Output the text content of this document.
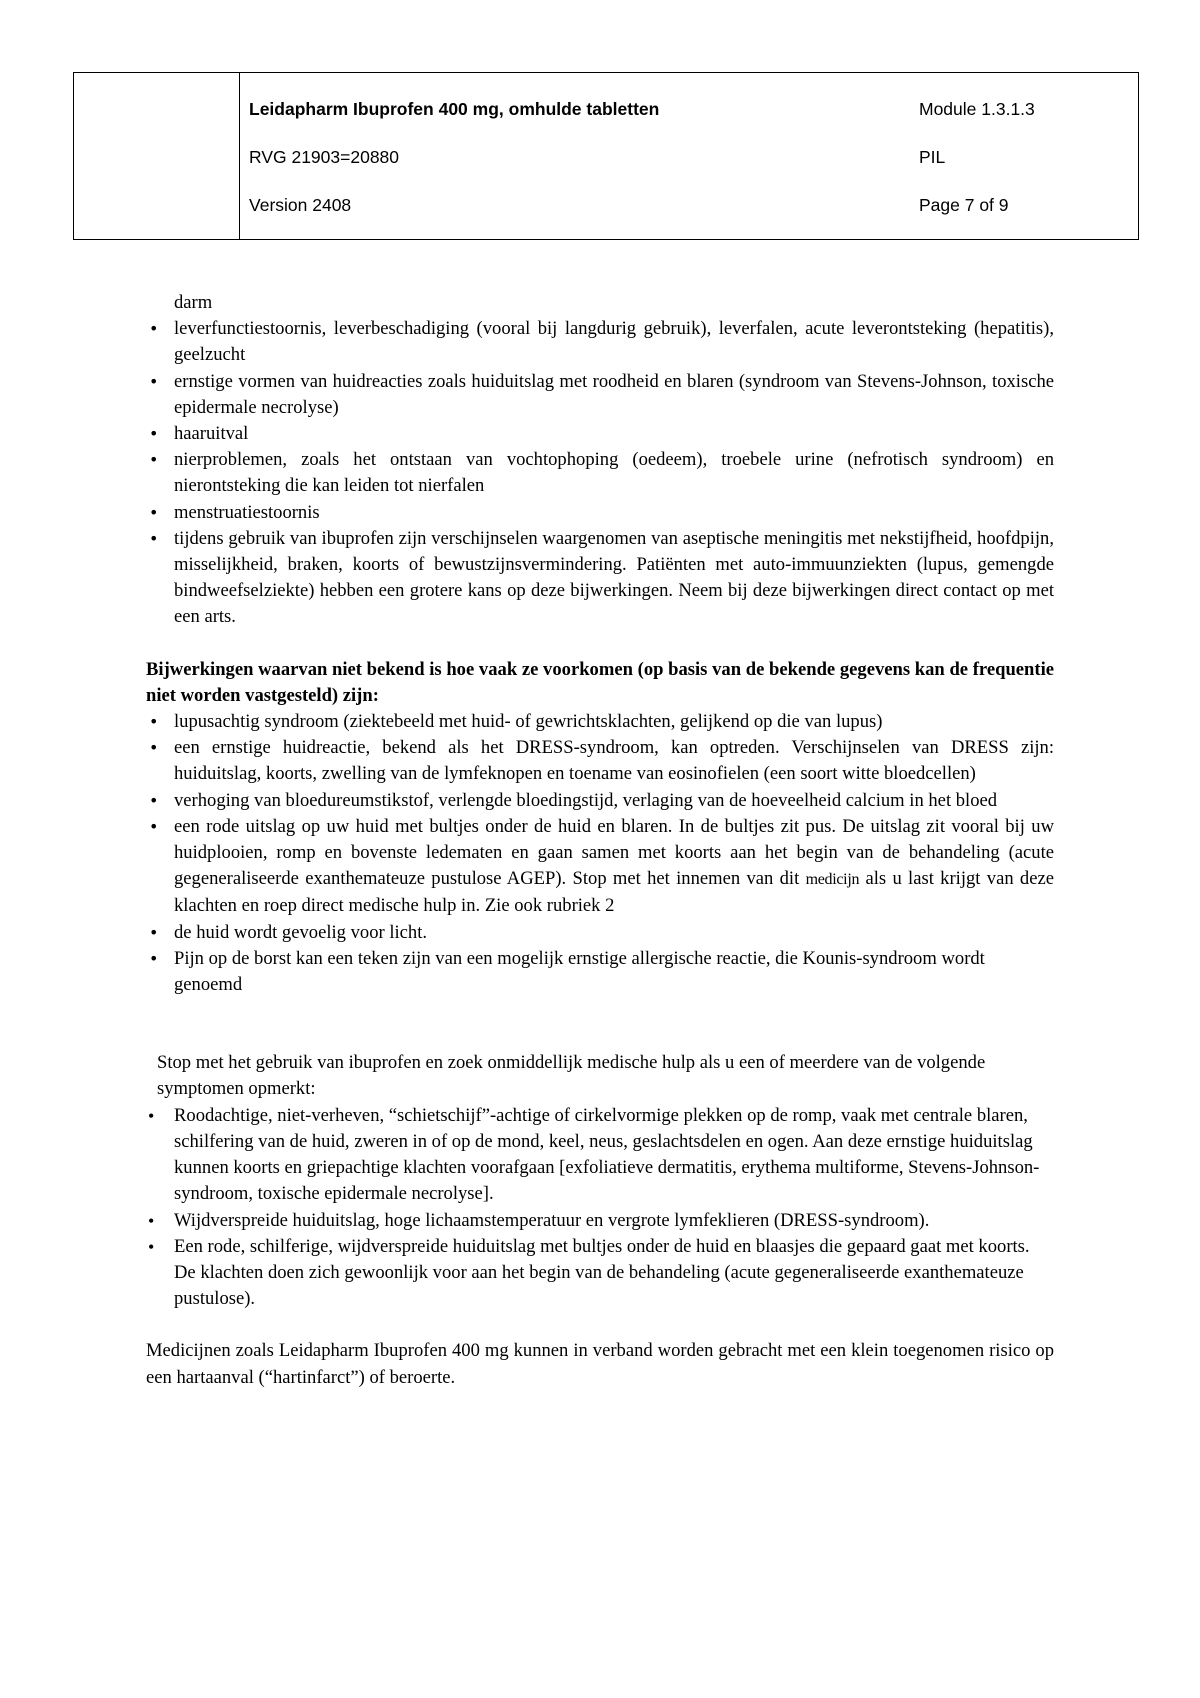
Leidapharm Ibuprofen 400 mg, omhulde tabletten
RVG 21903=20880
Version 2408
Module 1.3.1.3
PIL
Page 7 of 9

darm

• leverfunctiestoornis, leverbeschadiging (vooral bij langdurig gebruik), leverfalen, acute leverontsteking (hepatitis), geelzucht
• ernstige vormen van huidreacties zoals huiduitslag met roodheid en blaren (syndroom van Stevens-Johnson, toxische epidermale necrolyse)
• haaruitval
• nierproblemen, zoals het ontstaan van vochtophoping (oedeem), troebele urine (nefrotisch syndroom) en nierontsteking die kan leiden tot nierfalen
• menstruatiestoornis
• tijdens gebruik van ibuprofen zijn verschijnselen waargenomen van aseptische meningitis met nekstijfheid, hoofdpijn, misselijkheid, braken, koorts of bewustzijnsvermindering. Patiënten met auto-immuunziekten (lupus, gemengde bindweefselziekte) hebben een grotere kans op deze bijwerkingen. Neem bij deze bijwerkingen direct contact op met een arts.

Bijwerkingen waarvan niet bekend is hoe vaak ze voorkomen (op basis van de bekende gegevens kan de frequentie niet worden vastgesteld) zijn:

• lupusachtig syndroom (ziektebeeld met huid- of gewrichtsklachten, gelijkend op die van lupus)
• een ernstige huidreactie, bekend als het DRESS-syndroom, kan optreden. Verschijnselen van DRESS zijn: huiduitslag, koorts, zwelling van de lymfeknopen en toename van eosinofielen (een soort witte bloedcellen)
• verhoging van bloedureumstikstof, verlengde bloedingstijd, verlaging van de hoeveelheid calcium in het bloed
• een rode uitslag op uw huid met bultjes onder de huid en blaren. In de bultjes zit pus. De uitslag zit vooral bij uw huidplooien, romp en bovenste ledematen en gaan samen met koorts aan het begin van de behandeling (acute gegeneraliseerde exanthemateuze pustulose AGEP). Stop met het innemen van dit medicijn als u last krijgt van deze klachten en roep direct medische hulp in. Zie ook rubriek 2
• de huid wordt gevoelig voor licht.
• Pijn op de borst kan een teken zijn van een mogelijk ernstige allergische reactie, die Kounis-syndroom wordt genoemd

Stop met het gebruik van ibuprofen en zoek onmiddellijk medische hulp als u een of meerdere van de volgende symptomen opmerkt:

• Roodachtige, niet-verheven, “schietschijf”-achtige of cirkelvormige plekken op de romp, vaak met centrale blaren, schilfering van de huid, zweren in of op de mond, keel, neus, geslachtsdelen en ogen. Aan deze ernstige huiduitslag kunnen koorts en griepachtige klachten voorafgaan [exfoliatieve dermatitis, erythema multiforme, Stevens-Johnson-syndroom, toxische epidermale necrolyse].
• Wijdverspreide huiduitslag, hoge lichaamstemperatuur en vergrote lymfeklieren (DRESS-syndroom).
• Een rode, schilferige, wijdverspreide huiduitslag met bultjes onder de huid en blaasjes die gepaard gaat met koorts. De klachten doen zich gewoonlijk voor aan het begin van de behandeling (acute gegeneraliseerde exanthemateuze pustulose).

Medicijnen zoals Leidapharm Ibuprofen 400 mg kunnen in verband worden gebracht met een klein toegenomen risico op een hartaanval (“hartinfarct”) of beroerte.
